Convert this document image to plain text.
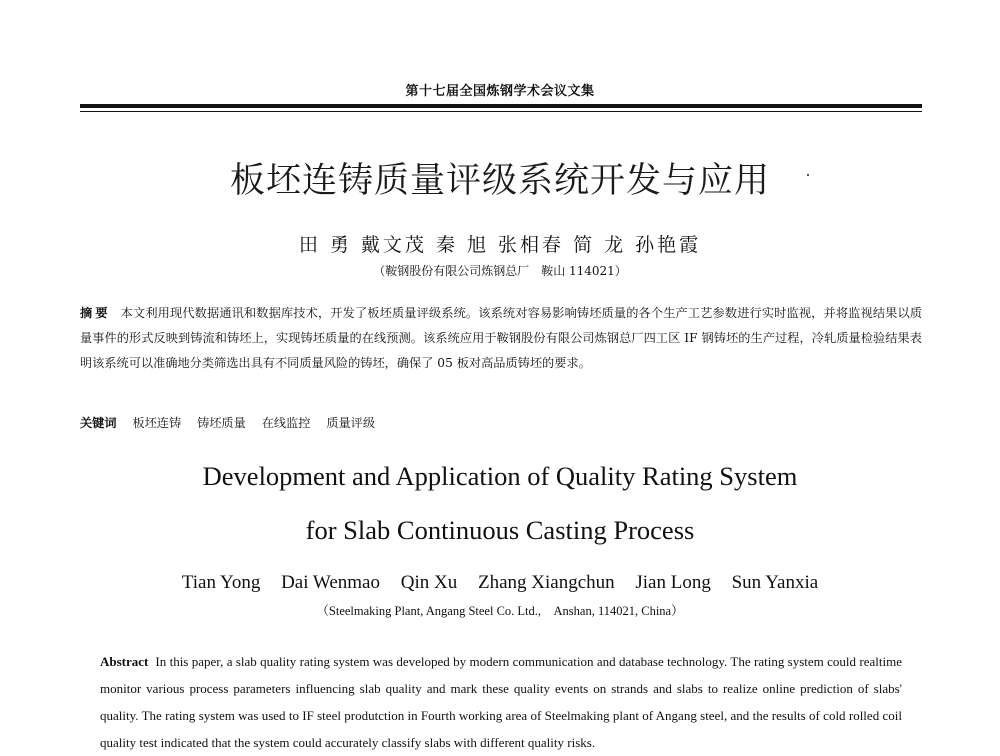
第十七届全国炼钢学术会议文集
板坯连铸质量评级系统开发与应用
田 勇 戴文茂 秦 旭 张相春 简 龙 孙艳霞
（鞍钢股份有限公司炼钢总厂　鞍山 114021）
摘要 本文利用现代数据通讯和数据库技术，开发了板坯质量评级系统。该系统对容易影响铸坯质量的各个生产工艺参数进行实时监视，并将监视结果以质量事件的形式反映到铸流和铸坯上，实现铸坯质量的在线预测。该系统应用于鞍钢股份有限公司炼钢总厂四工区 IF 钢铸坯的生产过程，冷轧质量检验结果表明该系统可以准确地分类筛选出具有不同质量风险的铸坯，确保了 05 板对高品质铸坯的要求。
关键词 板坯连铸 铸坯质量 在线监控 质量评级
Development and Application of Quality Rating System
for Slab Continuous Casting Process
Tian Yong Dai Wenmao Qin Xu Zhang Xiangchun Jian Long Sun Yanxia
（Steelmaking Plant, Angang Steel Co. Ltd.,　Anshan, 114021, China）
Abstract In this paper, a slab quality rating system was developed by modern communication and database technology. The rating system could realtime monitor various process parameters influencing slab quality and mark these quality events on strands and slabs to realize online prediction of slabs' quality. The rating system was used to IF steel produtction in Fourth working area of Steelmaking plant of Angang steel, and the results of cold rolled coil quality test indicated that the system could accurately classify slabs with different quality risks.
